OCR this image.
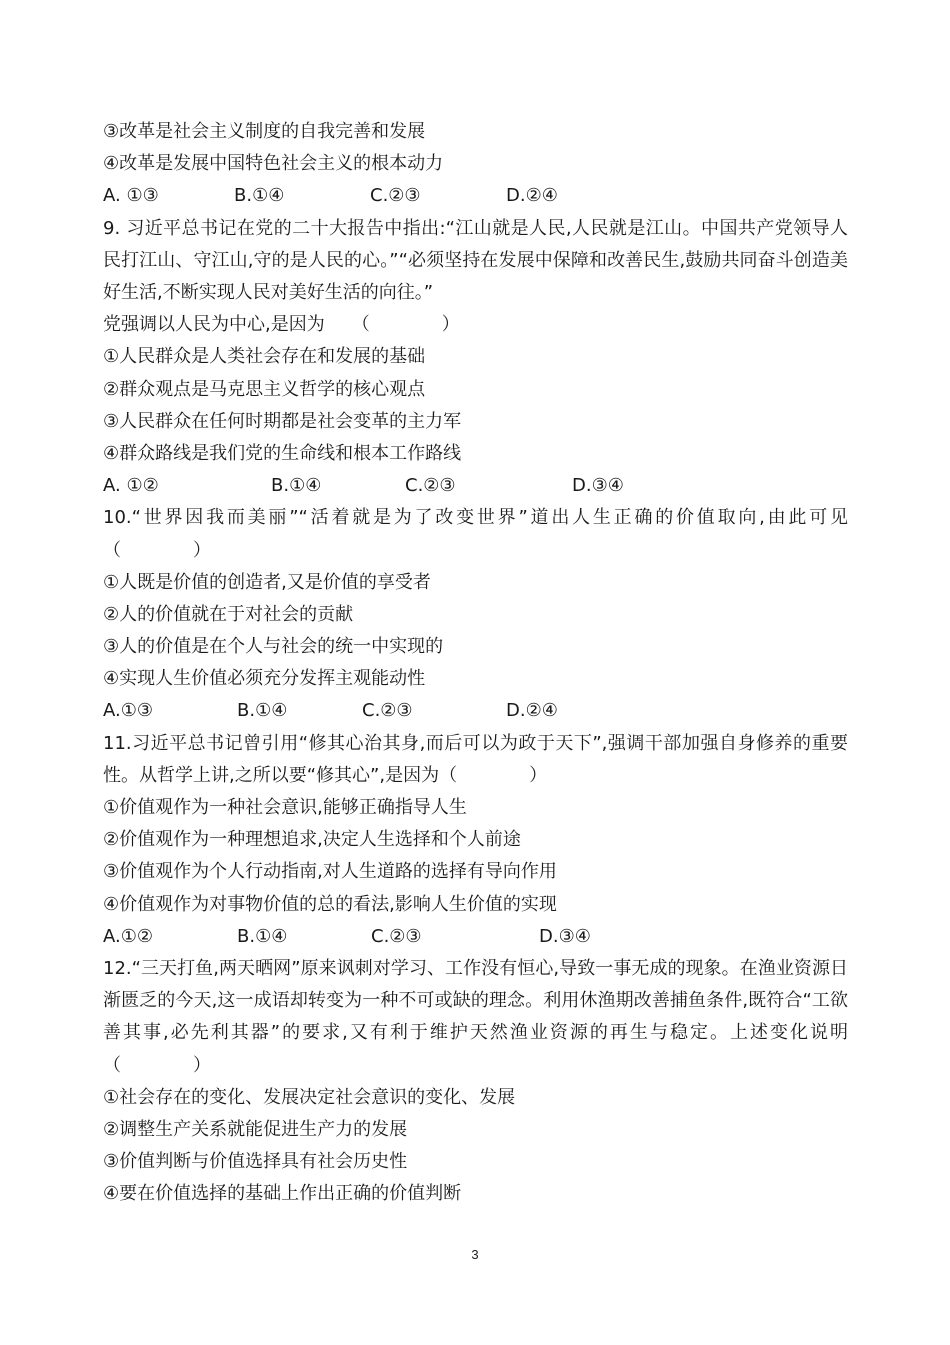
③改革是社会主义制度的自我完善和发展
④改革是发展中国特色社会主义的根本动力
A. ①③	B.①④	C.②③	D.②④
9. 习近平总书记在党的二十大报告中指出:“江山就是人民,人民就是江山。中国共产党领导人民打江山、守江山,守的是人民的心。”“必须坚持在发展中保障和改善民生,鼓励共同奋斗创造美好生活,不断实现人民对美好生活的向往。”
党强调以人民为中心,是因为　　（　　　　）
①人民群众是人类社会存在和发展的基础
②群众观点是马克思主义哲学的核心观点
③人民群众在任何时期都是社会变革的主力军
④群众路线是我们党的生命线和根本工作路线
A. ①②	B.①④	C.②③	D.③④
10.“世界因我而美丽”“活着就是为了改变世界”道出人生正确的价值取向,由此可见（　　　　）
①人既是价值的创造者,又是价值的享受者
②人的价值就在于对社会的贡献
③人的价值是在个人与社会的统一中实现的
④实现人生价值必须充分发挥主观能动性
A.①③	B.①④	C.②③	D.②④
11.习近平总书记曾引用“修其心治其身,而后可以为政于天下”,强调干部加强自身修养的重要性。从哲学上讲,之所以要“修其心”,是因为（　　　　）
①价值观作为一种社会意识,能够正确指导人生
②价值观作为一种理想追求,决定人生选择和个人前途
③价值观作为个人行动指南,对人生道路的选择有导向作用
④价值观作为对事物价值的总的看法,影响人生价值的实现
A.①②	B.①④	C.②③	D.③④
12.“三天打鱼,两天晒网”原来讽刺对学习、工作没有恒心,导致一事无成的现象。在渔业资源日渐匮乏的今天,这一成语却转变为一种不可或缺的理念。利用休渔期改善捕鱼条件,既符合“工欲善其事,必先利其器”的要求,又有利于维护天然渔业资源的再生与稳定。上述变化说明（　　　　）
①社会存在的变化、发展决定社会意识的变化、发展
②调整生产关系就能促进生产力的发展
③价值判断与价值选择具有社会历史性
④要在价值选择的基础上作出正确的价值判断
3
